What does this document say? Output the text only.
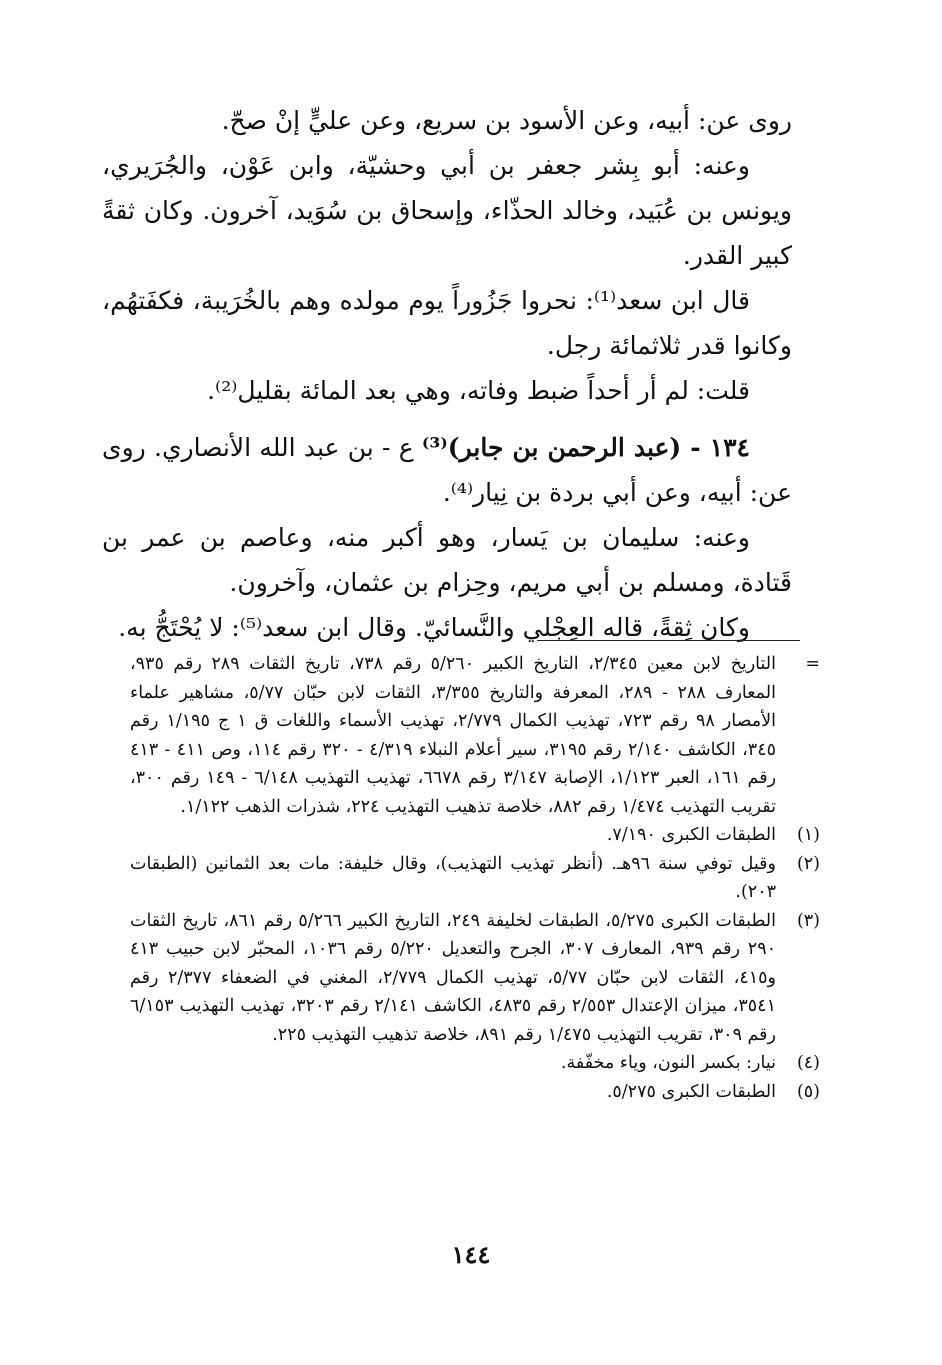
روى عن: أبيه، وعن الأسود بن سريع، وعن عليٍّ إنْ صحّ.

وعنه: أبو بِشر جعفر بن أبي وحشيّة، وابن عَوْن، والجُرَيري، ويونس بن عُبَيد، وخالد الحذّاء، وإسحاق بن سُوَيد، آخرون. وكان ثقةً كبير القدر.

قال ابن سعد⁽¹⁾: نحروا جَزُوراً يوم مولده وهم بالخُرَيبة، فكفَتهُم، وكانوا قدر ثلاثمائة رجل.

قلت: لم أر أحداً ضبط وفاته، وهي بعد المائة بقليل⁽²⁾.

١٣٤ - (عبد الرحمن بن جابر)⁽³⁾ ع - بن عبد الله الأنصاري. روى عن: أبيه، وعن أبي بردة بن نِيار⁽⁴⁾.

وعنه: سليمان بن يَسار، وهو أكبر منه، وعاصم بن عمر بن قَتادة، ومسلم بن أبي مريم، وحِزام بن عثمان، وآخرون.

وكان ثِقةً، قاله العِجْلي والنَّسائيّ. وقال ابن سعد⁽⁵⁾: لا يُحْتَجُّ به.

=
التاريخ لابن معين ٢/٣٤٥، التاريخ الكبير ٥/٢٦٠ رقم ٧٣٨، تاريخ الثقات ٢٨٩ رقم ٩٣٥، المعارف ٢٨٨ - ٢٨٩، المعرفة والتاريخ ٣/٣٥٥، الثقات لابن حبّان ٥/٧٧، مشاهير علماء الأمصار ٩٨ رقم ٧٢٣، تهذيب الكمال ٢/٧٧٩، تهذيب الأسماء واللغات ق ١ ج ١/١٩٥ رقم ٣٤٥، الكاشف ٢/١٤٠ رقم ٣١٩٥، سير أعلام النبلاء ٤/٣١٩ - ٣٢٠ رقم ١١٤، وص ٤١١ - ٤١٣ رقم ١٦١، العبر ١/١٢٣، الإصابة ٣/١٤٧ رقم ٦٦٧٨، تهذيب التهذيب ٦/١٤٨ - ١٤٩ رقم ٣٠٠، تقريب التهذيب ١/٤٧٤ رقم ٨٨٢، خلاصة تذهيب التهذيب ٢٢٤، شذرات الذهب ١/١٢٢.

(١)
الطبقات الكبرى ٧/١٩٠.

(٢)
وقيل توفي سنة ٩٦هـ. (أنظر تهذيب التهذيب)، وقال خليفة: مات بعد الثمانين (الطبقات ٢٠٣).

(٣)
الطبقات الكبرى ٥/٢٧٥، الطبقات لخليفة ٢٤٩، التاريخ الكبير ٥/٢٦٦ رقم ٨٦١، تاريخ الثقات ٢٩٠ رقم ٩٣٩، المعارف ٣٠٧، الجرح والتعديل ٥/٢٢٠ رقم ١٠٣٦، المحبّر لابن حبيب ٤١٣ و٤١٥، الثقات لابن حبّان ٥/٧٧، تهذيب الكمال ٢/٧٧٩، المغني في الضعفاء ٢/٣٧٧ رقم ٣٥٤١، ميزان الإعتدال ٢/٥٥٣ رقم ٤٨٣٥، الكاشف ٢/١٤١ رقم ٣٢٠٣، تهذيب التهذيب ٦/١٥٣ رقم ٣٠٩، تقريب التهذيب ١/٤٧٥ رقم ٨٩١، خلاصة تذهيب التهذيب ٢٢٥.

(٤)
نيار: بكسر النون، وياء مخفّفة.

(٥)
الطبقات الكبرى ٥/٢٧٥.

١٤٤
